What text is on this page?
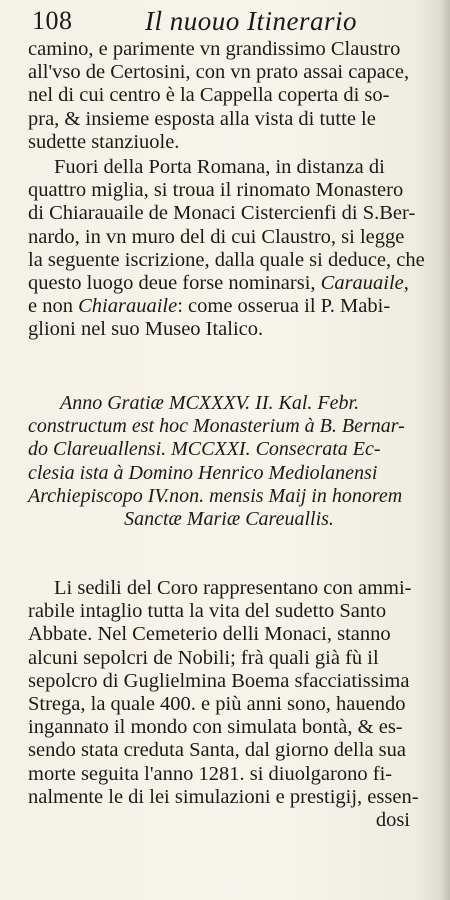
108	Il nuouo Itinerario
camino, e parimente vn grandissimo Claustro
all'vso de Certosini, con vn prato assai capace,
nel di cui centro è la Cappella coperta di so-
pra, & insieme esposta alla vista di tutte le
sudette stanziuole.
Fuori della Porta Romana, in distanza di
quattro miglia, si troua il rinomato Monastero
di Chiarauaile de Monaci Cistercienfi di S.Ber-
nardo, in vn muro del di cui Claustro, si legge
la seguente iscrizione, dalla quale si deduce, che
questo luogo deue forse nominarsi, Carauaile,
e non Chiarauaile: come osserua il P. Mabi-
glioni nel suo Museo Italico.
Anno Gratiæ MCXXXV. II. Kal. Febr.
constructum est hoc Monasterium à B. Bernar-
do Clareuallensi. MCCXXI. Consecrata Ec-
clesia ista à Domino Henrico Mediolanensi
Archiepiscopo IV.non. mensis Maij in honorem
Sanctæ Mariæ Careuallis.
Li sedili del Coro rappresentano con ammi-
rabile intaglio tutta la vita del sudetto Santo
Abbate. Nel Cemeterio delli Monaci, stanno
alcuni sepolcri de Nobili; frà quali già fù il
sepolcro di Guglielmina Boema sfacciatissima
Strega, la quale 400. e più anni sono, hauendo
ingannato il mondo con simulata bontà, & es-
sendo stata creduta Santa, dal giorno della sua
morte seguita l'anno 1281. si diuolgarono fi-
nalmente le di lei simulazioni e prestigij, essen-
dosi
